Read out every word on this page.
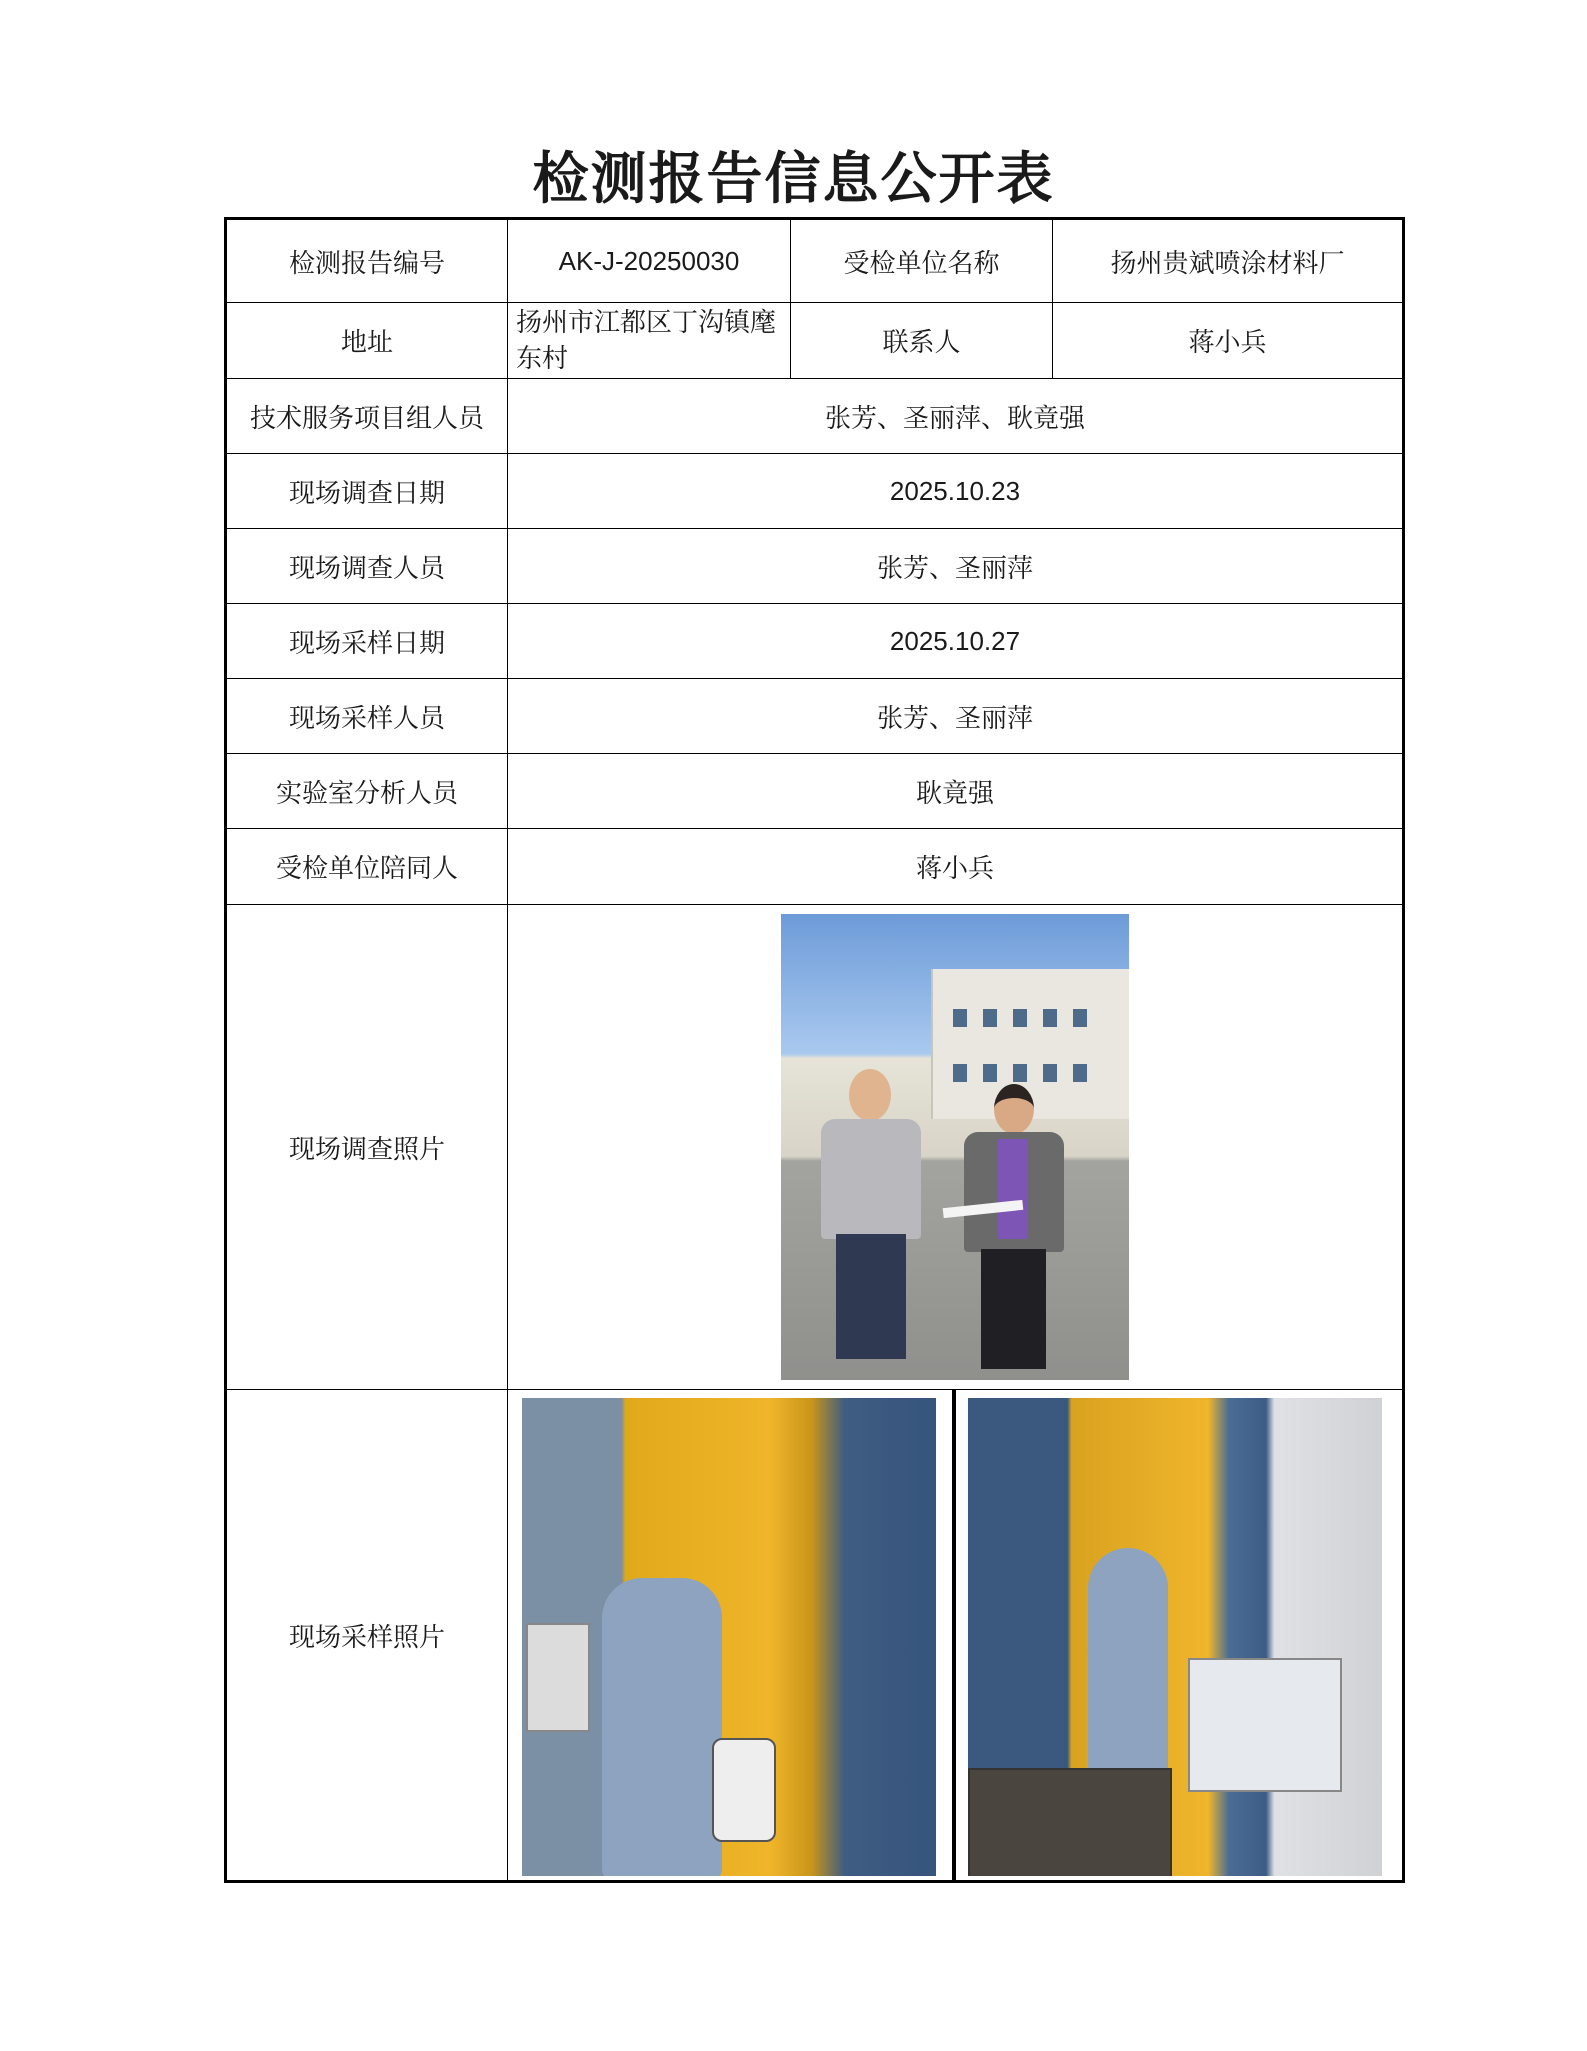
检测报告信息公开表
检测报告编号	AK-J-20250030	受检单位名称	扬州贵斌喷涂材料厂
地址	扬州市江都区丁沟镇麾东村	联系人	蒋小兵
技术服务项目组人员	张芳、圣丽萍、耿竟强		
现场调查日期	2025.10.23		
现场调查人员	张芳、圣丽萍		
现场采样日期	2025.10.27		
现场采样人员	张芳、圣丽萍		
实验室分析人员	耿竟强		
受检单位陪同人	蒋小兵		
现场调查照片			

现场采样照片			
